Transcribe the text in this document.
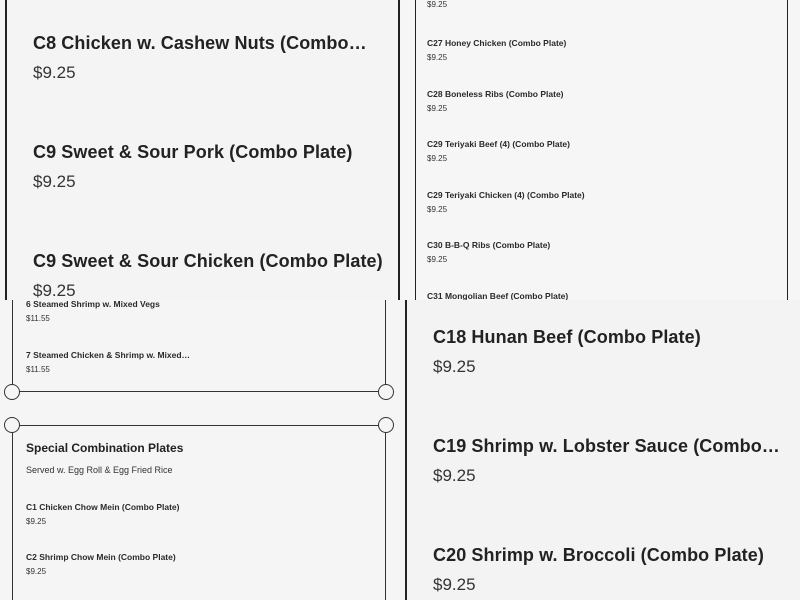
C8 Chicken w. Cashew Nuts (Combo…
$9.25
C9 Sweet & Sour Pork (Combo Plate)
$9.25
C9 Sweet & Sour Chicken (Combo Plate)
$9.25
$9.25
C27 Honey Chicken (Combo Plate)
$9.25
C28 Boneless Ribs (Combo Plate)
$9.25
C29 Teriyaki Beef (4) (Combo Plate)
$9.25
C29 Teriyaki Chicken (4) (Combo Plate)
$9.25
C30 B-B-Q Ribs (Combo Plate)
$9.25
C31 Mongolian Beef (Combo Plate)
6 Steamed Shrimp w. Mixed Vegs
$11.55
7 Steamed Chicken & Shrimp w. Mixed…
$11.55
Special Combination Plates
Served w. Egg Roll & Egg Fried Rice
C1 Chicken Chow Mein (Combo Plate)
$9.25
C2 Shrimp Chow Mein (Combo Plate)
$9.25
C18 Hunan Beef (Combo Plate)
$9.25
C19 Shrimp w. Lobster Sauce (Combo…
$9.25
C20 Shrimp w. Broccoli (Combo Plate)
$9.25
